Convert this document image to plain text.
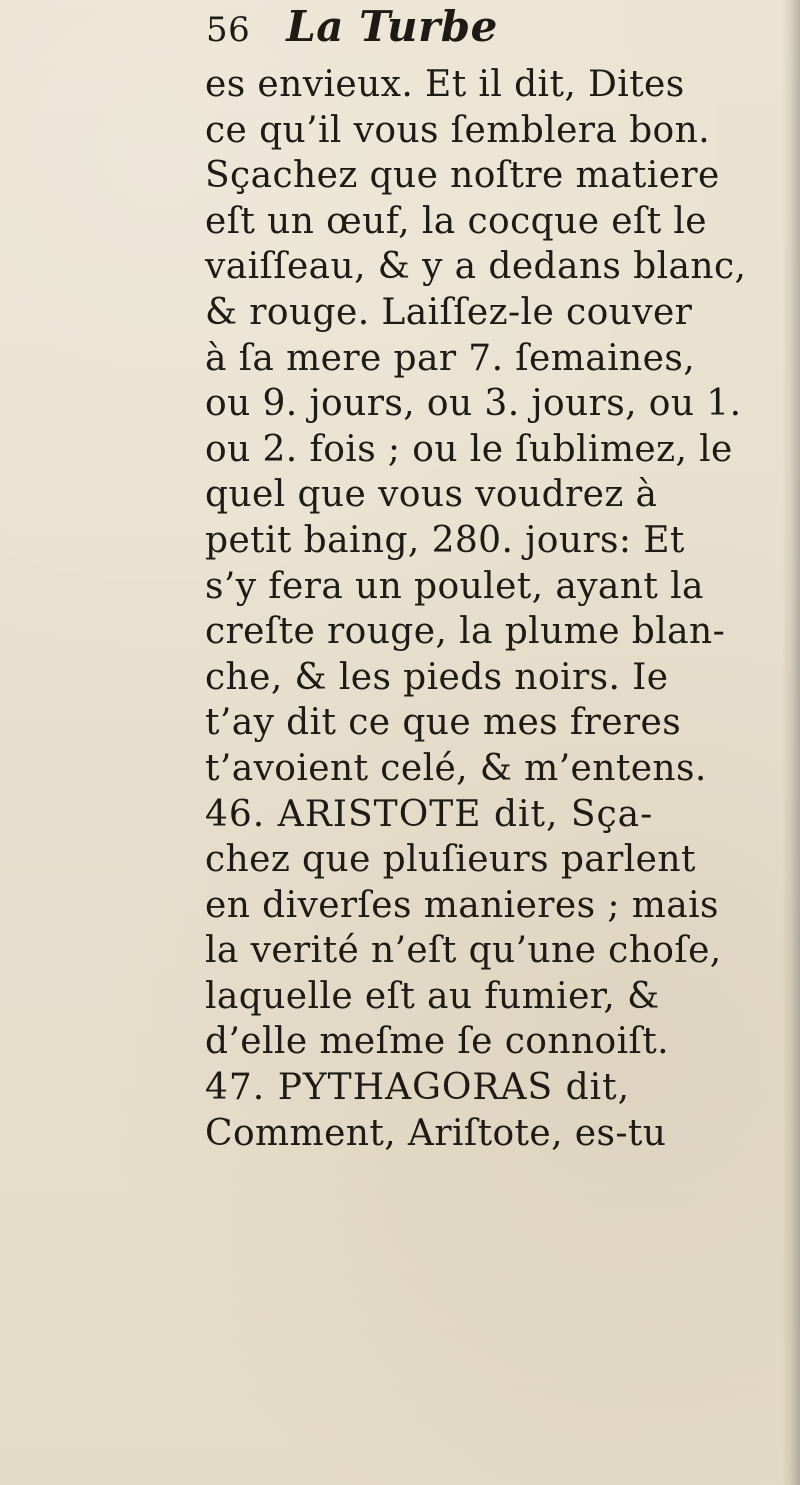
56 La Turbe
es envieux. Et il dit, Dites
ce qu’il vous ſemblera bon.
Sçachez que noſtre matiere
eſt un œuf, la cocque eſt le
vaiſſeau, & y a dedans blanc,
& rouge. Laiſſez-le couver
à ſa mere par 7. ſemaines,
ou 9. jours, ou 3. jours, ou 1.
ou 2. fois ; ou le ſublimez, le
quel que vous voudrez à
petit baing, 280. jours: Et
s’y fera un poulet, ayant la
creſte rouge, la plume blan-
che, & les pieds noirs. Ie
t’ay dit ce que mes freres
t’avoient celé, & m’entens.
46. ARISTOTE dit, Sça-
chez que pluſieurs parlent
en diverſes manieres ; mais
la verité n’eſt qu’une choſe,
laquelle eſt au fumier, &
d’elle meſme ſe connoiſt.
47. PYTHAGORAS dit,
Comment, Ariſtote, es-tu
